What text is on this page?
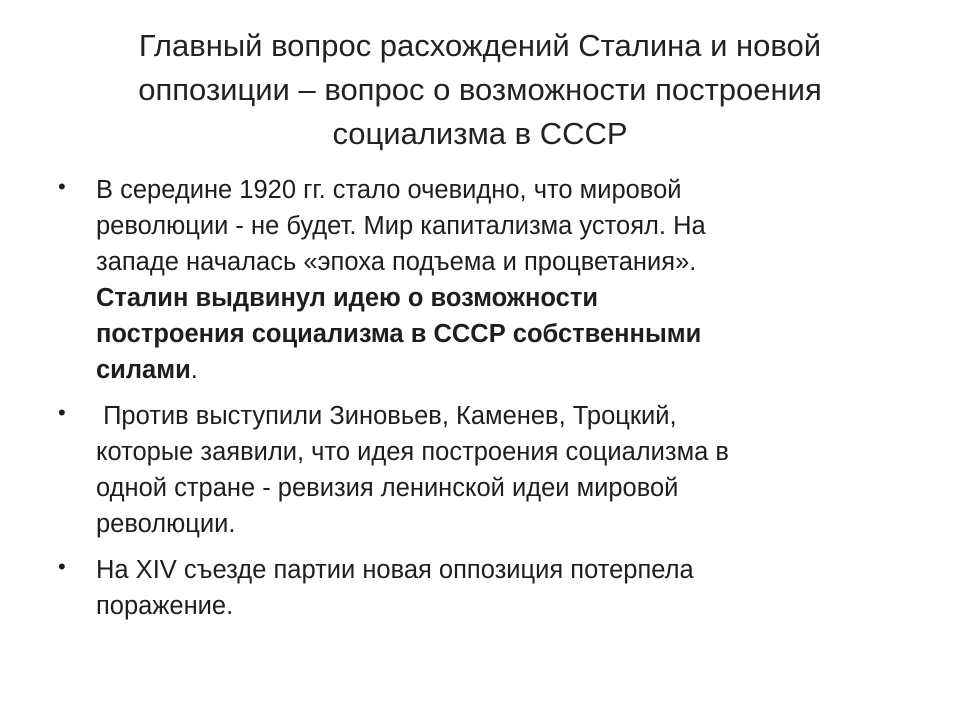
Главный вопрос расхождений Сталина и новой
оппозиции – вопрос о возможности построения
социализма в СССР
• В середине 1920 гг. стало очевидно, что мировой
революции - не будет. Мир капитализма устоял. На
западе началась «эпоха подъема и процветания».
Сталин выдвинул идею о возможности
построения социализма в СССР собственными
силами.
• Против выступили Зиновьев, Каменев, Троцкий,
которые заявили, что идея построения социализма в
одной стране - ревизия ленинской идеи мировой
революции.
• На XIV съезде партии новая оппозиция потерпела
поражение.
